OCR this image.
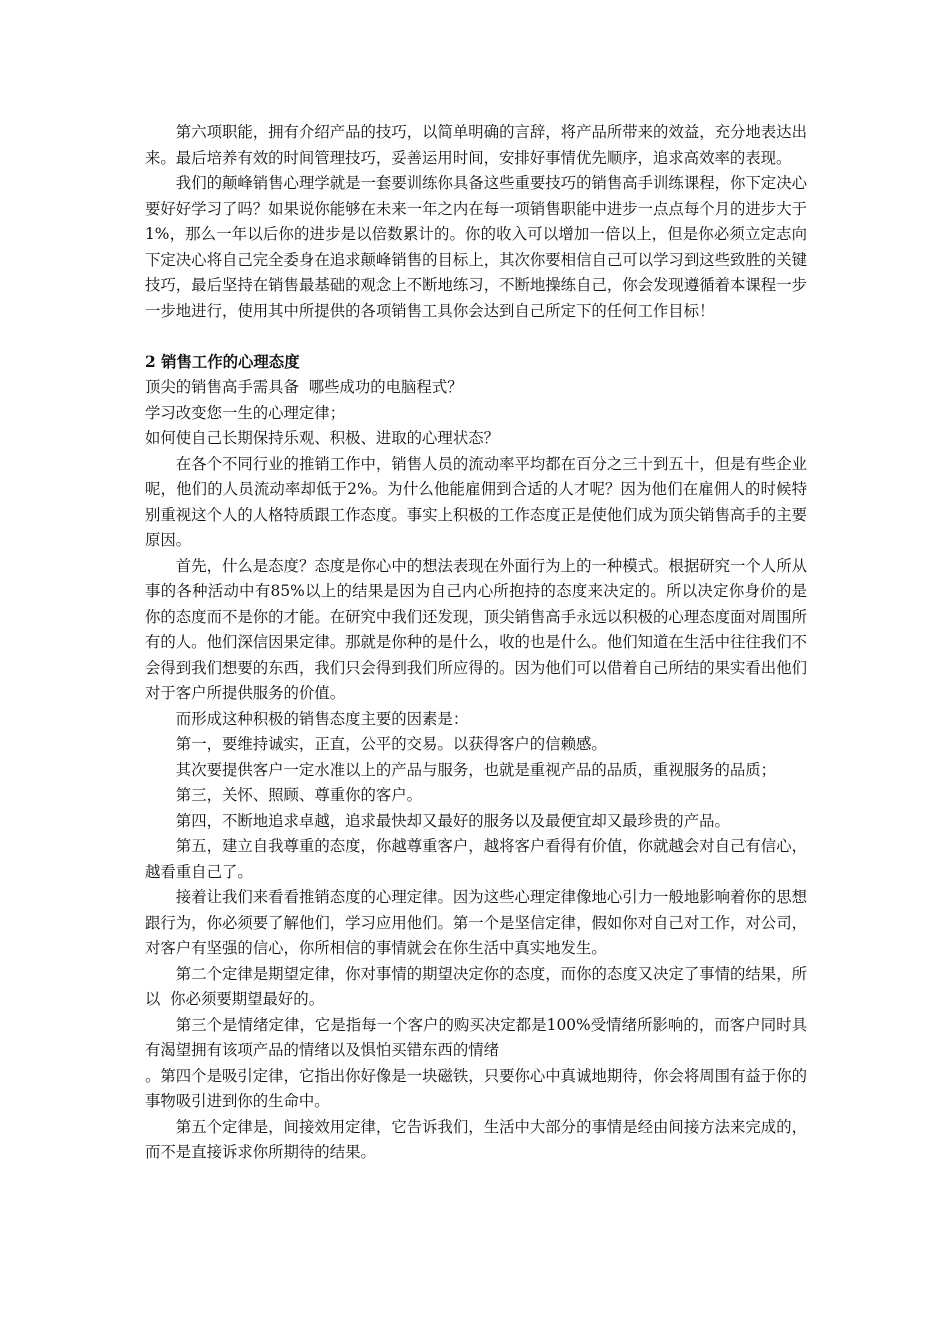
第六项职能，拥有介绍产品的技巧，以简单明确的言辞，将产品所带来的效益，充分地表达出来。最后培养有效的时间管理技巧，妥善运用时间，安排好事情优先顺序，追求高效率的表现。

我们的颠峰销售心理学就是一套要训练你具备这些重要技巧的销售高手训练课程，你下定决心要好好学习了吗？如果说你能够在未来一年之内在每一项销售职能中进步一点点每个月的进步大于1%，那么一年以后你的进步是以倍数累计的。你的收入可以增加一倍以上，但是你必须立定志向下定决心将自己完全委身在追求颠峰销售的目标上，其次你要相信自己可以学习到这些致胜的关键技巧，最后坚持在销售最基础的观念上不断地练习，不断地操练自己，你会发现遵循着本课程一步一步地进行，使用其中所提供的各项销售工具你会达到自己所定下的任何工作目标！

2 销售工作的心理态度

顶尖的销售高手需具备  哪些成功的电脑程式？

学习改变您一生的心理定律；

如何使自己长期保持乐观、积极、进取的心理状态？

在各个不同行业的推销工作中，销售人员的流动率平均都在百分之三十到五十，但是有些企业呢，他们的人员流动率却低于2%。为什么他能雇佣到合适的人才呢？因为他们在雇佣人的时候特别重视这个人的人格特质跟工作态度。事实上积极的工作态度正是使他们成为顶尖销售高手的主要原因。

首先，什么是态度？态度是你心中的想法表现在外面行为上的一种模式。根据研究一个人所从事的各种活动中有85%以上的结果是因为自己内心所抱持的态度来决定的。所以决定你身价的是你的态度而不是你的才能。在研究中我们还发现，顶尖销售高手永远以积极的心理态度面对周围所有的人。他们深信因果定律。那就是你种的是什么，收的也是什么。他们知道在生活中往往我们不会得到我们想要的东西，我们只会得到我们所应得的。因为他们可以借着自己所结的果实看出他们对于客户所提供服务的价值。

而形成这种积极的销售态度主要的因素是：

第一，要维持诚实，正直，公平的交易。以获得客户的信赖感。

其次要提供客户一定水准以上的产品与服务，也就是重视产品的品质，重视服务的品质；

第三，关怀、照顾、尊重你的客户。

第四，不断地追求卓越，追求最快却又最好的服务以及最便宜却又最珍贵的产品。

第五，建立自我尊重的态度，你越尊重客户，越将客户看得有价值，你就越会对自己有信心，越看重自己了。

接着让我们来看看推销态度的心理定律。因为这些心理定律像地心引力一般地影响着你的思想跟行为，你必须要了解他们，学习应用他们。第一个是坚信定律，假如你对自己对工作，对公司，对客户有坚强的信心，你所相信的事情就会在你生活中真实地发生。

第二个定律是期望定律，你对事情的期望决定你的态度，而你的态度又决定了事情的结果，所以  你必须要期望最好的。

第三个是情绪定律，它是指每一个客户的购买决定都是100%受情绪所影响的，而客户同时具有渴望拥有该项产品的情绪以及惧怕买错东西的情绪

。第四个是吸引定律，它指出你好像是一块磁铁，只要你心中真诚地期待，你会将周围有益于你的事物吸引进到你的生命中。

第五个定律是，间接效用定律，它告诉我们，生活中大部分的事情是经由间接方法来完成的，而不是直接诉求你所期待的结果。
